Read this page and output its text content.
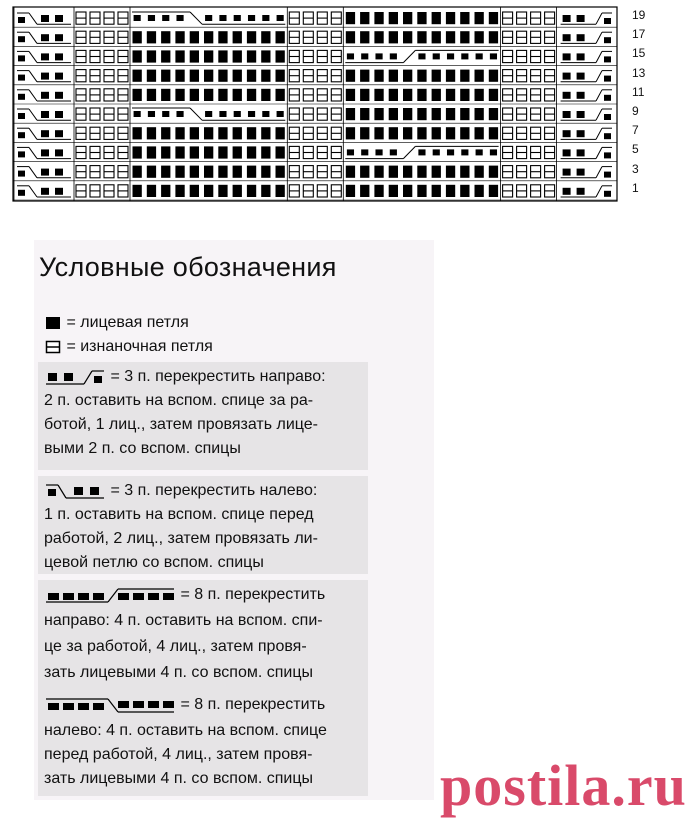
19
17
15
13
11
9
7
5
3
1
Условные обозначения
= лицевая петля
= изнаночная петля
= 3 п. перекрестить направо:
2 п. оставить на вспом. спице за ра-
ботой, 1 лиц., затем провязать лице-
выми 2 п. со вспом. спицы
= 3 п. перекрестить налево:
1 п. оставить на вспом. спице перед
работой, 2 лиц., затем провязать ли-
цевой петлю со вспом. спицы
= 8 п. перекрестить
направо: 4 п. оставить на вспом. спи-
це за работой, 4 лиц., затем провя-
зать лицевыми 4 п. со вспом. спицы
= 8 п. перекрестить
налево: 4 п. оставить на вспом. спице
перед работой, 4 лиц., затем провя-
зать лицевыми 4 п. со вспом. спицы postila.ru
